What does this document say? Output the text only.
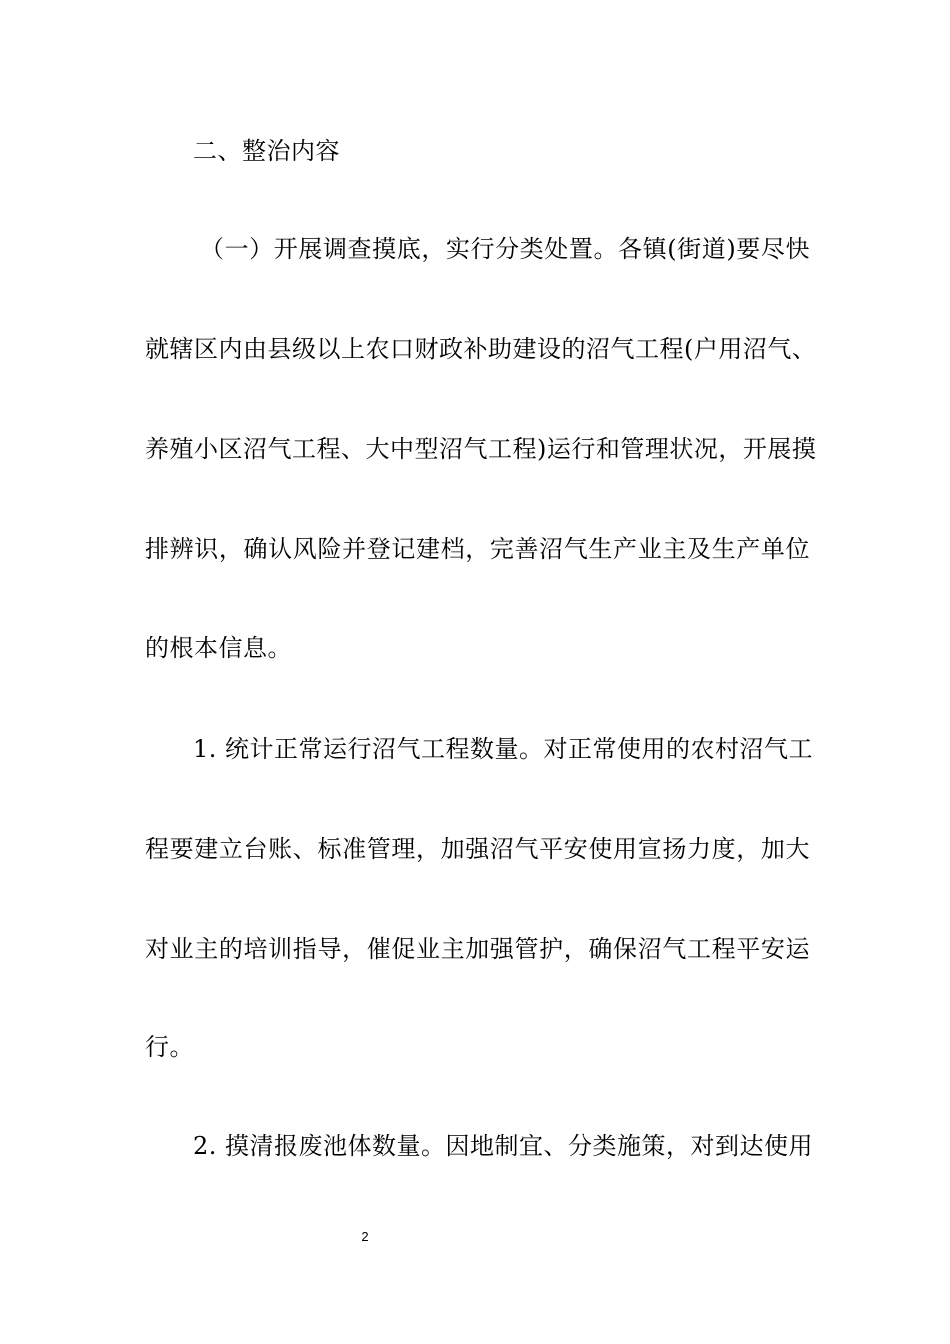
二、整治内容
（一）开展调查摸底，实行分类处置。各镇(街道)要尽快
就辖区内由县级以上农口财政补助建设的沼气工程(户用沼气、
养殖小区沼气工程、大中型沼气工程)运行和管理状况，开展摸
排辨识，确认风险并登记建档，完善沼气生产业主及生产单位
的根本信息。
1. 统计正常运行沼气工程数量。对正常使用的农村沼气工
程要建立台账、标准管理，加强沼气平安使用宣扬力度，加大
对业主的培训指导，催促业主加强管护，确保沼气工程平安运
行。
2. 摸清报废池体数量。因地制宜、分类施策，对到达使用
2
